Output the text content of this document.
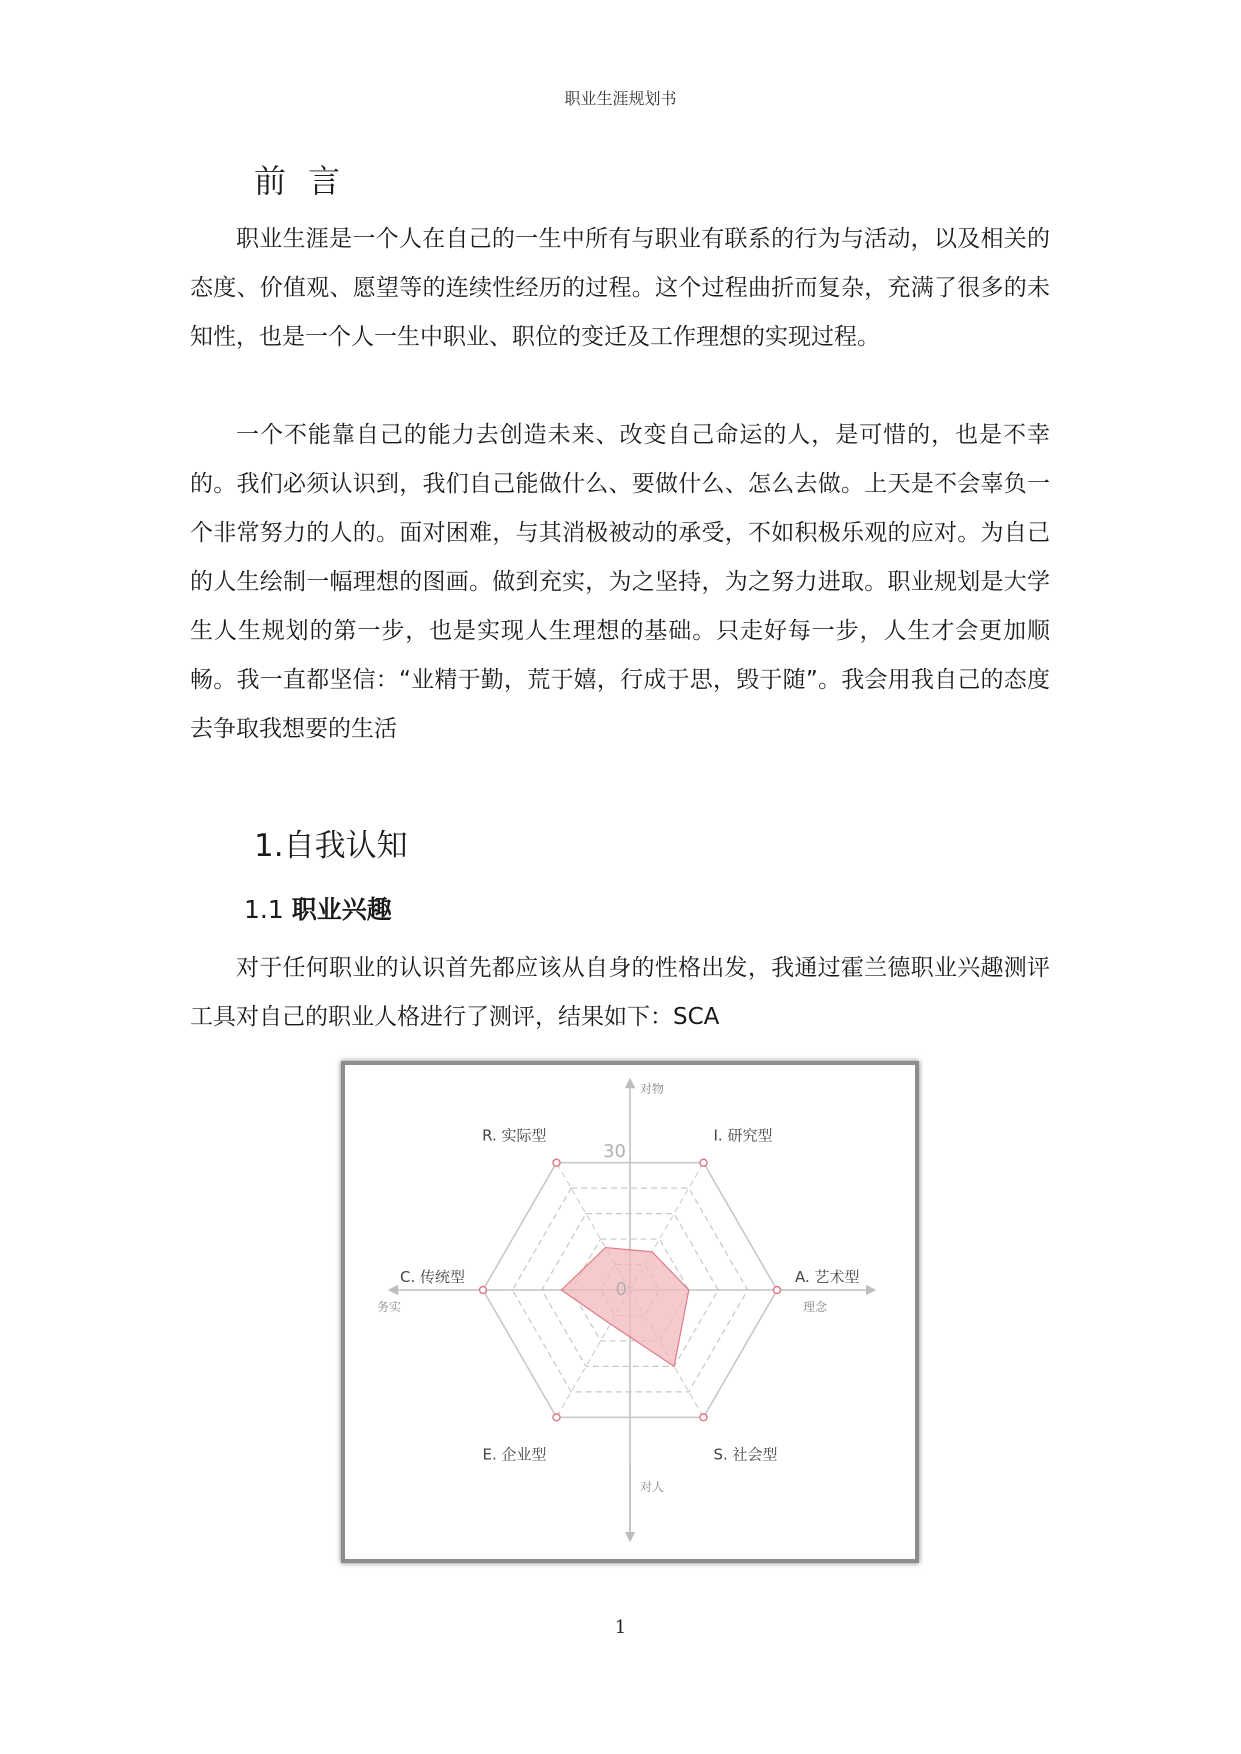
职业生涯规划书
前 言

职业生涯是一个人在自己的一生中所有与职业有联系的行为与活动，以及相关的态度、价值观、愿望等的连续性经历的过程。这个过程曲折而复杂，充满了很多的未知性，也是一个人一生中职业、职位的变迁及工作理想的实现过程。

一个不能靠自己的能力去创造未来、改变自己命运的人，是可惜的，也是不幸的。我们必须认识到，我们自己能做什么、要做什么、怎么去做。上天是不会辜负一个非常努力的人的。面对困难，与其消极被动的承受，不如积极乐观的应对。为自己的人生绘制一幅理想的图画。做到充实，为之坚持，为之努力进取。职业规划是大学生人生规划的第一步，也是实现人生理想的基础。只走好每一步，人生才会更加顺畅。我一直都坚信：“业精于勤，荒于嬉，行成于思，毁于随”。我会用我自己的态度去争取我想要的生活

1.自我认知
1.1 职业兴趣

对于任何职业的认识首先都应该从自身的性格出发，我通过霍兰德职业兴趣测评工具对自己的职业人格进行了测评，结果如下：SCA

R. 实际型	I. 研究型
A. 艺术型
S. 社会型
E. 企业型
C. 传统型
0
30
对物
对人
务实	理念
1
